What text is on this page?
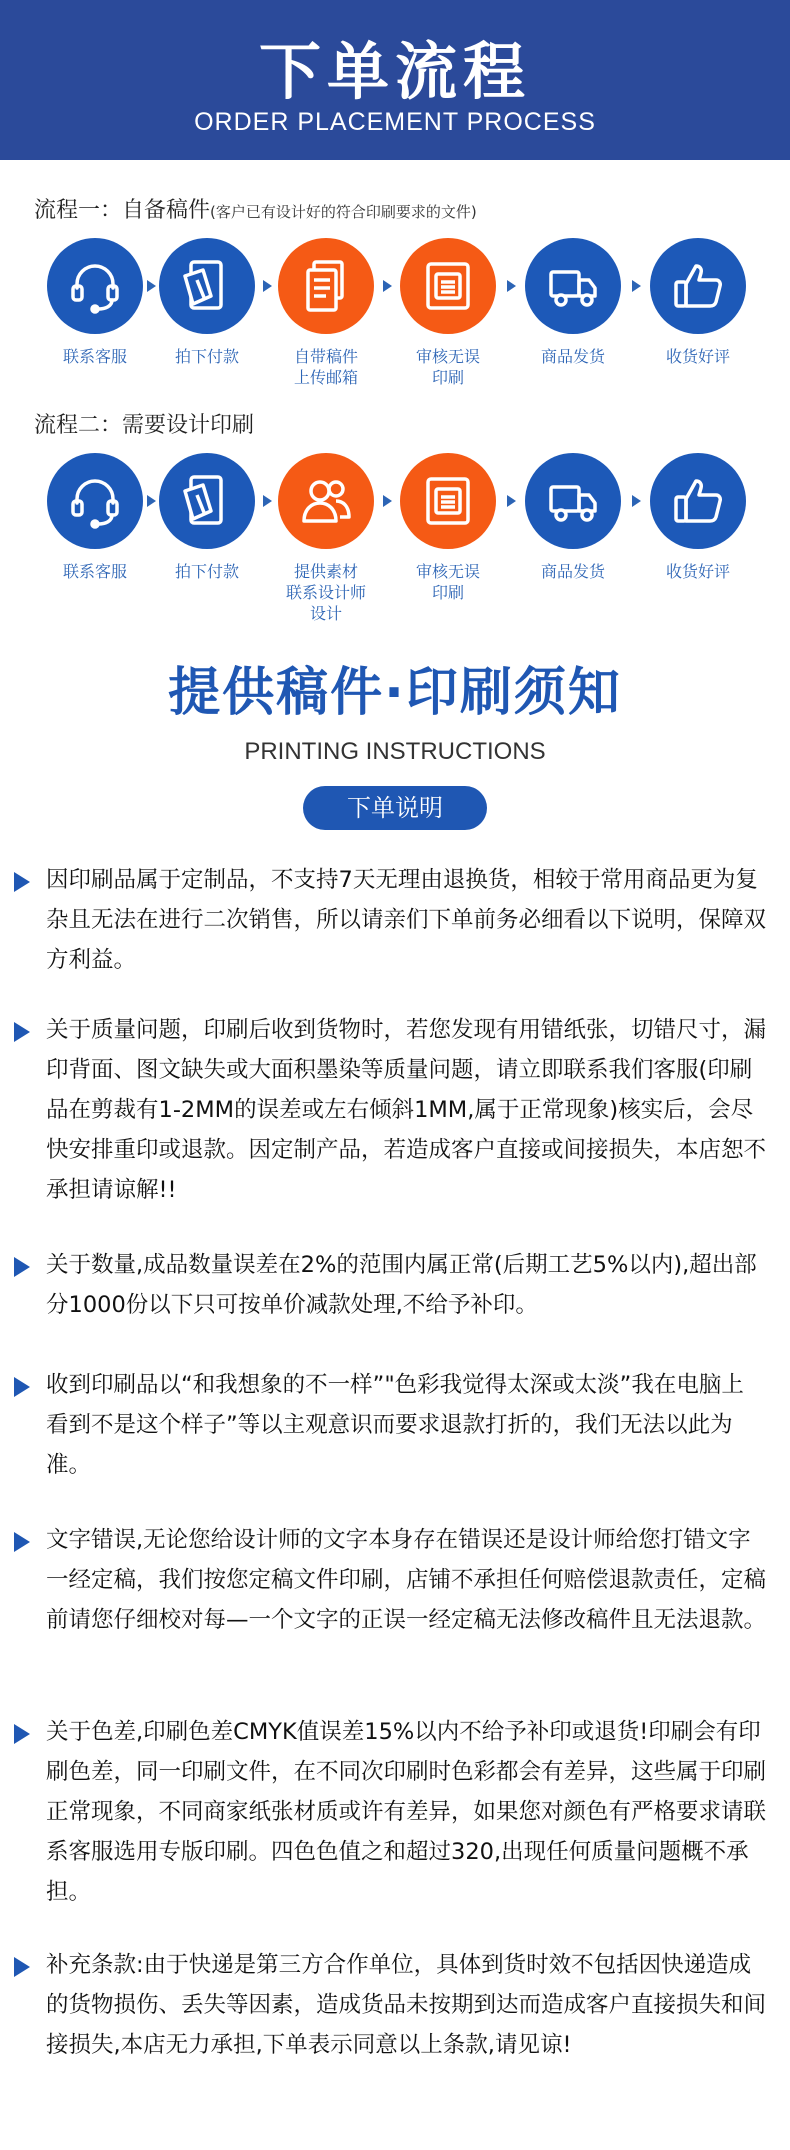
下单流程
ORDER PLACEMENT PROCESS
流程一：自备稿件(客户已有设计好的符合印刷要求的文件)
联系客服	拍下付款	自带稿件
上传邮箱
审核无误
印刷
商品发货	收货好评
流程二：需要设计印刷
联系客服	拍下付款	提供素材
联系设计师
设计
审核无误
印刷
商品发货	收货好评
提供稿件·印刷须知
PRINTING INSTRUCTIONS
下单说明
因印刷品属于定制品，不支持7天无理由退换货，相较于常用商品更为复杂且无法在进行二次销售，所以请亲们下单前务必细看以下说明，保障双方利益。
关于质量问题，印刷后收到货物时，若您发现有用错纸张，切错尺寸，漏印背面、图文缺失或大面积墨染等质量问题，请立即联系我们客服(印刷品在剪裁有1-2MM的误差或左右倾斜1MM,属于正常现象)核实后，会尽快安排重印或退款。因定制产品，若造成客户直接或间接损失，本店恕不承担请谅解!!
关于数量,成品数量误差在2%的范围内属正常(后期工艺5%以内),超出部分1000份以下只可按单价减款处理,不给予补印。
收到印刷品以“和我想象的不一样”"色彩我觉得太深或太淡”我在电脑上看到不是这个样子”等以主观意识而要求退款打折的，我们无法以此为准。
文字错误,无论您给设计师的文字本身存在错误还是设计师给您打错文字一经定稿，我们按您定稿文件印刷，店铺不承担任何赔偿退款责任，定稿前请您仔细校对每—一个文字的正误一经定稿无法修改稿件且无法退款。
关于色差,印刷色差CMYK值误差15%以内不给予补印或退货!印刷会有印刷色差，同一印刷文件，在不同次印刷时色彩都会有差异，这些属于印刷正常现象，不同商家纸张材质或许有差异，如果您对颜色有严格要求请联系客服选用专版印刷。四色色值之和超过320,出现任何质量问题概不承担。
补充条款:由于快递是第三方合作单位，具体到货时效不包括因快递造成的货物损伤、丢失等因素，造成货品未按期到达而造成客户直接损失和间接损失,本店无力承担,下单表示同意以上条款,请见谅!
